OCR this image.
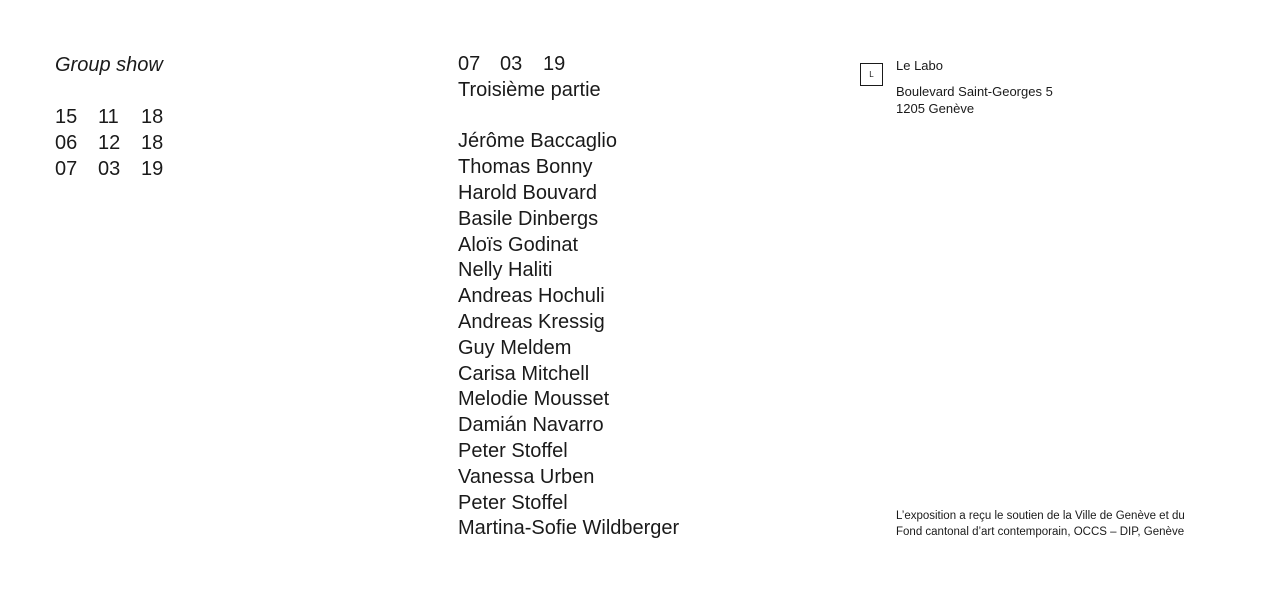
Group show
15	11	18
06	12	18
07	03	19
07 03	19
Troisième partie
Jérôme Baccaglio
Thomas Bonny
Harold Bouvard
Basile Dinbergs
Aloïs Godinat
Nelly Haliti
Andreas Hochuli
Andreas Kressig
Guy Meldem
Carisa Mitchell
Melodie Mousset
Damián Navarro
Peter Stoffel
Vanessa Urben
Peter Stoffel
Martina-Sofie Wildberger
L
Le Labo
Boulevard Saint-Georges 5
1205 Genève
L’exposition a reçu le soutien de la Ville de Genève et du
Fond cantonal d’art contemporain, OCCS – DIP, Genève
